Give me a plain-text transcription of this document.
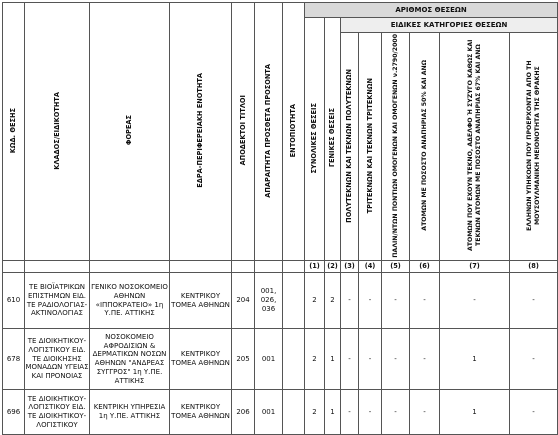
ΚΩΔ. ΘΕΣΗΣ	ΚΛΑΔΟΣ/ΕΙΔΙΚΟΤΗΤΑ	ΦΟΡΕΑΣ	ΕΔΡΑ-ΠΕΡΙΦΕΡΕΙΑΚΗ ΕΝΟΤΗΤΑ	ΑΠΟΔΕΚΤΟΙ ΤΙΤΛΟΙ	ΑΠΑΡΑΙΤΗΤΑ ΠΡΟΣΘΕΤΑ ΠΡΟΣΟΝΤΑ	ΕΝΤΟΠΙΟΤΗΤΑ	ΑΡΙΘΜΟΣ ΘΕΣΕΩΝ							
							ΣΥΝΟΛΙΚΕΣ ΘΕΣΕΙΣ	ΓΕΝΙΚΕΣ ΘΕΣΕΙΣ	ΕΙΔΙΚΕΣ ΚΑΤΗΓΟΡΙΕΣ ΘΕΣΕΩΝ					
									ΠΟΛΥΤΕΚΝΩΝ ΚΑΙ ΤΕΚΝΩΝ ΠΟΛΥΤΕΚΝΩΝ	ΤΡΙΤΕΚΝΩΝ ΚΑΙ ΤΕΚΝΩΝ ΤΡΙΤΕΚΝΩΝ	ΠΑΛΙΝ/ΝΤΩΝ ΠΟΝΤΙΩΝ ΟΜΟΓΕΝΩΝ ΚΑΙ ΟΜΟΓΕΝΩΝ ν.2790/2000	ΑΤΟΜΩΝ ΜΕ ΠΟΣΟΣΤΟ ΑΝΑΠΗΡΙΑΣ 50% ΚΑΙ ΑΝΩ	ΑΤΟΜΩΝ ΠΟΥ ΕΧΟΥΝ ΤΕΚΝΟ, ΑΔΕΛΦΟ Ή ΣΥΖΥΓΟ ΚΑΘΩΣ ΚΑΙ ΤΕΚΝΩΝ ΑΤΟΜΩΝ ΜΕ ΠΟΣΟΣΤΟ ΑΝΑΠΗΡΙΑΣ 67% ΚΑΙ ΑΝΩ	ΕΛΛΗΝΩΝ ΥΠΗΚΟΩΝ ΠΟΥ ΠΡΟΕΡΧΟΝΤΑΙ ΑΠΟ ΤΗ ΜΟΥΣΟΥΛΜΑΝΙΚΗ ΜΕΙΟΝΟΤΗΤΑ ΤΗΣ ΘΡΑΚΗΣ
							(1)	(2)	(3)	(4)	(5)	(6)	(7)	(8)
610	ΤΕ ΒΙΟΪΑΤΡΙΚΩΝ ΕΠΙΣΤΗΜΩΝ ΕΙΔ. ΤΕ ΡΑΔΙΟΛΟΓΙΑΣ-ΑΚΤΙΝΟΛΟΓΙΑΣ	ΓΕΝΙΚΟ ΝΟΣΟΚΟΜΕΙΟ ΑΘΗΝΩΝ «ΙΠΠΟΚΡΑΤΕΙΟ» 1η Υ.ΠΕ. ΑΤΤΙΚΗΣ	ΚΕΝΤΡΙΚΟΥ ΤΟΜΕΑ ΑΘΗΝΩΝ	204	001, 026, 036		2	2	-	-	-	-	-	-
678	ΤΕ ΔΙΟΙΚΗΤΙΚΟΥ-ΛΟΓΙΣΤΙΚΟΥ ΕΙΔ. ΤΕ ΔΙΟΙΚΗΣΗΣ ΜΟΝΑΔΩΝ ΥΓΕΙΑΣ ΚΑΙ ΠΡΟΝΟΙΑΣ	ΝΟΣΟΚΟΜΕΙΟ ΑΦΡΟΔΙΣΙΩΝ & ΔΕΡΜΑΤΙΚΩΝ ΝΟΣΩΝ ΑΘΗΝΩΝ "ΑΝΔΡΕΑΣ ΣΥΓΓΡΟΣ" 1η Υ.ΠΕ. ΑΤΤΙΚΗΣ	ΚΕΝΤΡΙΚΟΥ ΤΟΜΕΑ ΑΘΗΝΩΝ	205	001		2	1	-	-	-	-	1	-
696	ΤΕ ΔΙΟΙΚΗΤΙΚΟΥ-ΛΟΓΙΣΤΙΚΟΥ ΕΙΔ. ΤΕ ΔΙΟΙΚΗΤΙΚΟΥ-ΛΟΓΙΣΤΙΚΟΥ	ΚΕΝΤΡΙΚΗ ΥΠΗΡΕΣΙΑ 1η Υ.ΠΕ. ΑΤΤΙΚΗΣ	ΚΕΝΤΡΙΚΟΥ ΤΟΜΕΑ ΑΘΗΝΩΝ	206	001		2	1	-	-	-	-	1	-
